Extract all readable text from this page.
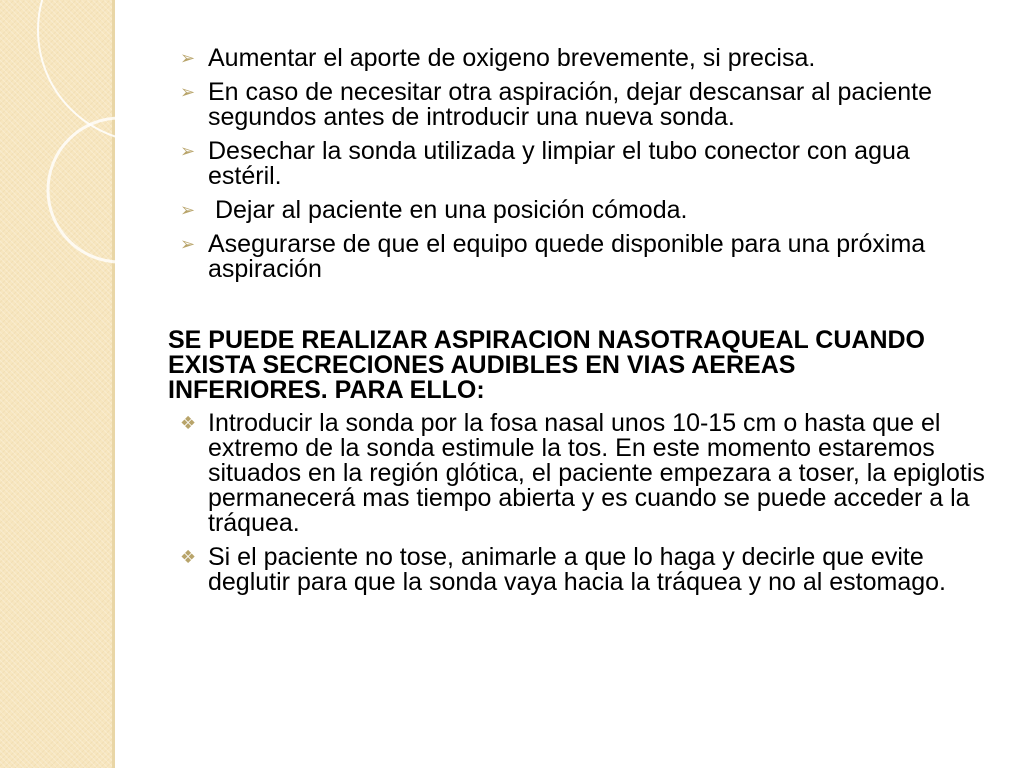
➢ Aumentar el aporte de oxigeno brevemente, si precisa.
➢ En caso de necesitar otra aspiración, dejar descansar al paciente segundos antes de introducir una nueva sonda.
➢ Desechar la sonda utilizada y limpiar el tubo conector con agua estéril.
➢ Dejar al paciente en una posición cómoda.
➢ Asegurarse de que el equipo quede disponible para una próxima aspiración
SE PUEDE REALIZAR ASPIRACION NASOTRAQUEAL CUANDO EXISTA SECRECIONES AUDIBLES EN VIAS AEREAS INFERIORES. PARA ELLO:
❖ Introducir la sonda por la fosa nasal unos 10-15 cm o hasta que el extremo de la sonda estimule la tos. En este momento estaremos situados en la región glótica, el paciente empezara a toser, la epiglotis permanecerá mas tiempo abierta y es cuando se puede acceder a la tráquea.
❖ Si el paciente no tose, animarle a que lo haga y decirle que evite deglutir para que la sonda vaya hacia la tráquea y no al estomago.
